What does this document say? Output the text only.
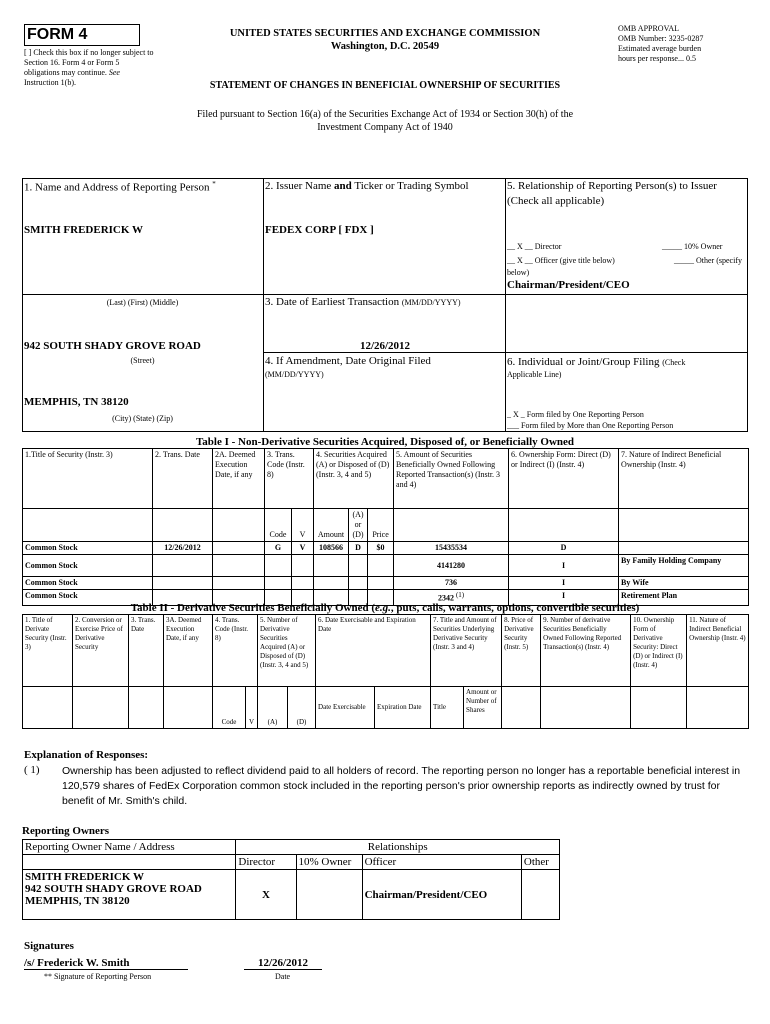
FORM 4
[ ] Check this box if no longer subject to Section 16. Form 4 or Form 5 obligations may continue. See Instruction 1(b).
UNITED STATES SECURITIES AND EXCHANGE COMMISSION
Washington, D.C. 20549
STATEMENT OF CHANGES IN BENEFICIAL OWNERSHIP OF SECURITIES
OMB APPROVAL
OMB Number: 3235-0287
Estimated average burden
hours per response... 0.5
Filed pursuant to Section 16(a) of the Securities Exchange Act of 1934 or Section 30(h) of the
Investment Company Act of 1940
1. Name and Address of Reporting Person *
SMITH FREDERICK W
(Last) (First) (Middle)
942 SOUTH SHADY GROVE ROAD
(Street)
MEMPHIS, TN 38120
(City) (State) (Zip)
2. Issuer Name and Ticker or Trading Symbol
FEDEX CORP [ FDX ]
3. Date of Earliest Transaction (MM/DD/YYYY)
12/26/2012
4. If Amendment, Date Original Filed
(MM/DD/YYYY)
5. Relationship of Reporting Person(s) to Issuer
(Check all applicable)
__ X __ Director	_____ 10% Owner
__ X __ Officer (give title below)	_____ Other (specify
below)
Chairman/President/CEO
6. Individual or Joint/Group Filing (Check
Applicable Line)
_ X _ Form filed by One Reporting Person
___ Form filed by More than One Reporting Person
Table I - Non-Derivative Securities Acquired, Disposed of, or Beneficially Owned
1.Title of Security (Instr. 3)	2. Trans. Date	2A. Deemed Execution Date, if any	3. Trans. Code (Instr. 8)		4. Securities Acquired (A) or Disposed of (D) (Instr. 3, 4 and 5)			5. Amount of Securities Beneficially Owned Following Reported Transaction(s) (Instr. 3 and 4)	6. Ownership Form: Direct (D) or Indirect (I) (Instr. 4)	7. Nature of Indirect Beneficial Ownership (Instr. 4)
			Code	V	Amount	(A) or (D)	Price			
Common Stock	12/26/2012		G	V	108566	D	$0	15435534	D	
Common Stock								4141280	I	By Family Holding Company
Common Stock								736	I	By Wife
Common Stock								2342 $^{(1)}$	I	Retirement Plan
Table II - Derivative Securities Beneficially Owned (e.g., puts, calls, warrants, options, convertible securities)
1. Title of Derivate Security (Instr. 3)	2. Conversion or Exercise Price of Derivative Security	3. Trans. Date	3A. Deemed Execution Date, if any	4. Trans. Code (Instr. 8)		5. Number of Derivative Securities Acquired (A) or Disposed of (D) (Instr. 3, 4 and 5)		6. Date Exercisable and Expiration Date		7. Title and Amount of Securities Underlying Derivative Security (Instr. 3 and 4)		8. Price of Derivative Security (Instr. 5)	9. Number of derivative Securities Beneficially Owned Following Reported Transaction(s) (Instr. 4)	10. Ownership Form of Derivative Security: Direct (D) or Indirect (I) (Instr. 4)	11. Nature of Indirect Beneficial Ownership (Instr. 4)
				Code	V	(A)	(D)	Date Exercisable	Expiration Date	Title	Amount or Number of Shares				
Explanation of Responses:
( 1) Ownership has been adjusted to reflect dividend paid to all holders of record. The reporting person no longer has a reportable beneficial interest in 120,579 shares of FedEx Corporation common stock included in the reporting person's prior ownership reports as indirectly owned by trust for benefit of Mr. Smith's child.
Reporting Owners
Reporting Owner Name / Address	Relationships			
	Director	10% Owner	Officer	Other

SMITH FREDERICK W
942 SOUTH SHADY GROVE ROAD
MEMPHIS, TN 38120	X		Chairman/President/CEO	
Signatures
/s/ Frederick W. Smith	12/26/2012
** Signature of Reporting Person	Date
